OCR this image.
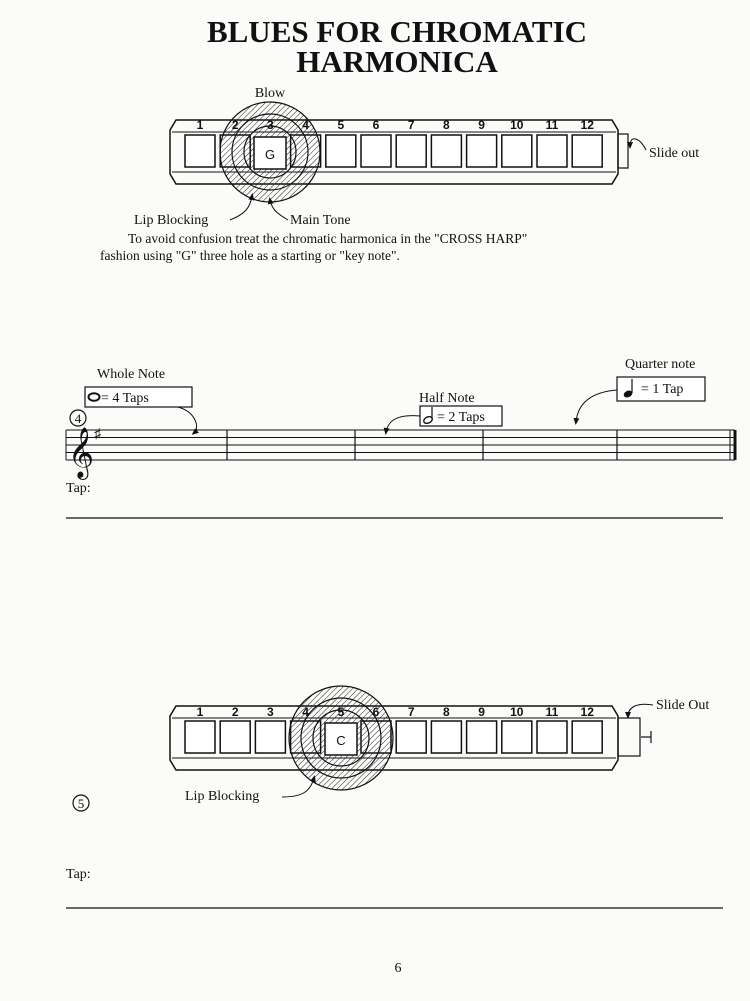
BLUES FOR CHROMATIC
HARMONICA
Blow
G
1 2 3 4 5 6 7 8 9 10 11 12
Slide out
Lip Blocking	Main Tone
To avoid confusion treat the chromatic harmonica in the "CROSS HARP"
fashion using "G" three hole as a starting or "key note".
Whole Note
= 4 Taps	Half Note
= 2 Taps
Quarter note
= 1 Tap
4
𝄞 ♯
Tap:
C
1 2 3 4 5 6 7 8 9 10 11 12	Slide Out
Lip Blocking
5
Tap:
6
